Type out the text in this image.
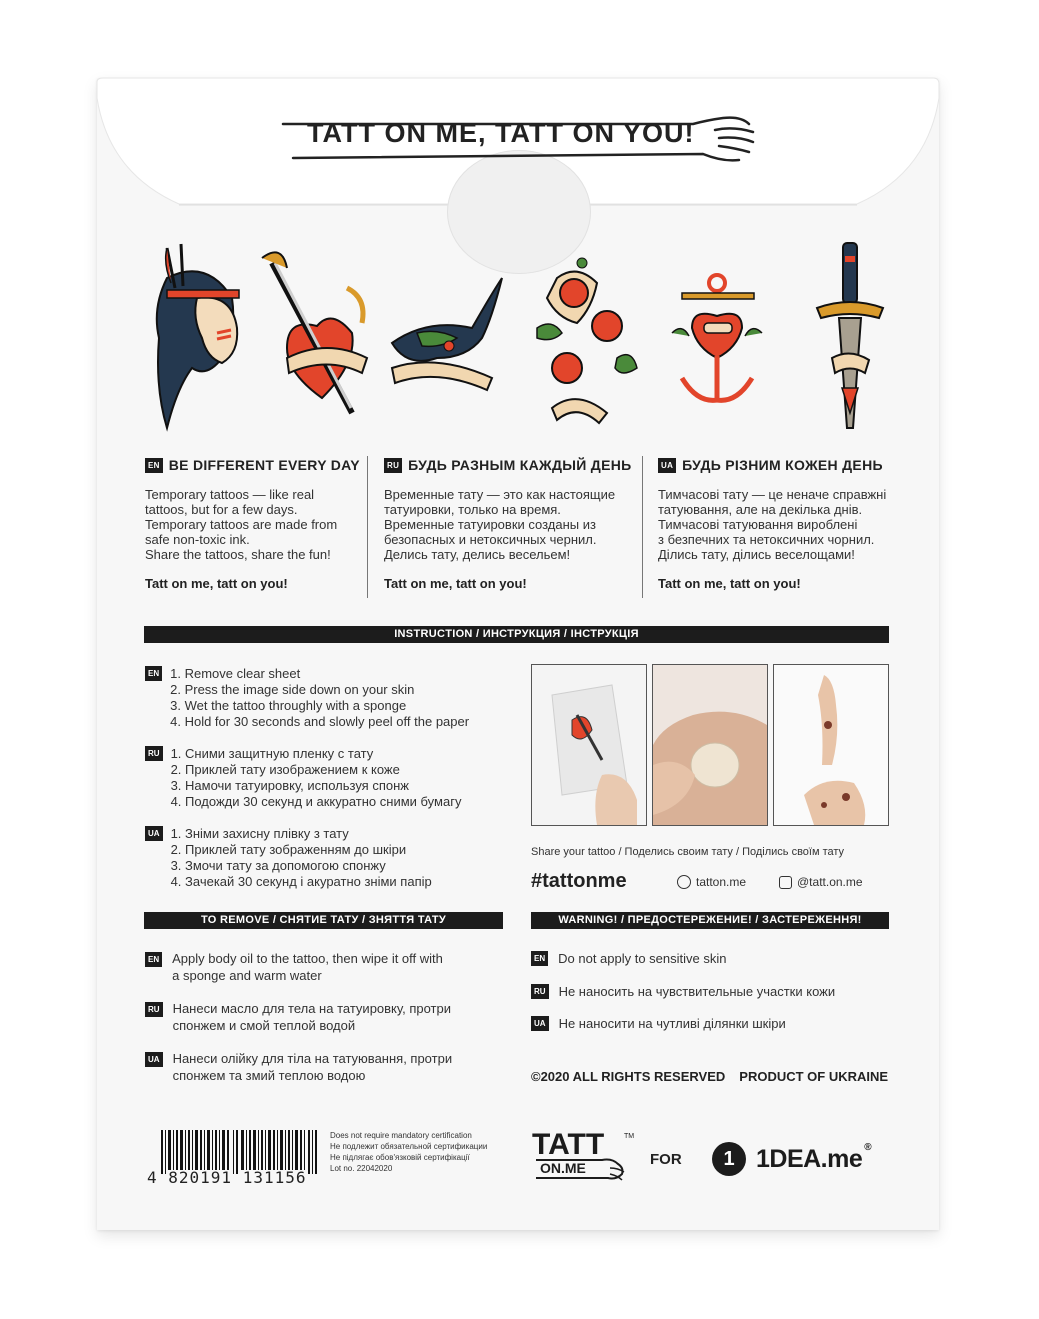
TATT ON ME, TATT ON YOU!
EN BE DIFFERENT EVERY DAY
Temporary tattoos — like real
tattoos, but for a few days.
Temporary tattoos are made from
safe non-toxic ink.
Share the tattoos, share the fun!
Tatt on me, tatt on you!
RU БУДЬ РАЗНЫМ КАЖДЫЙ ДЕНЬ
Временные тату — это как настоящие
татуировки, только на время.
Временные татуировки созданы из
безопасных и нетоксичных чернил.
Делись тату, делись весельем!
Tatt on me, tatt on you!
UA БУДЬ РІЗНИМ КОЖЕН ДЕНЬ
Тимчасові тату — це неначе справжні
татуювання, але на декілька днів.
Тимчасові татуювання вироблені
з безпечних та нетоксичних чорнил.
Ділись тату, ділись веселощами!
Tatt on me, tatt on you!
INSTRUCTION / ИНСТРУКЦИЯ / ІНСТРУКЦІЯ
EN 1. Remove clear sheet
2. Press the image side down on your skin
3. Wet the tattoo throughly with a sponge
4. Hold for 30 seconds and slowly peel off the paper
RU 1. Сними защитную пленку с тату
2. Приклей тату изображением к коже
3. Намочи татуировку, используя спонж
4. Подожди 30 секунд и аккуратно сними бумагу
UA 1. Зніми захисну плівку з тату
2. Приклей тату зображенням до шкіри
3. Змочи тату за допомогою спонжу
4. Зачекай 30 секунд і акуратно зніми папір
Share your tattoo / Поделись своим тату / Поділись своїм тату
#tattonme	tatton.me	@tatt.on.me
TO REMOVE / СНЯТИЕ ТАТУ / ЗНЯТТЯ ТАТУ	WARNING! / ПРЕДОСТЕРЕЖЕНИЕ! / ЗАСТЕРЕЖЕННЯ!
EN Apply body oil to the tattoo, then wipe it off with
a sponge and warm water
RU Нанеси масло для тела на татуировку, протри
спонжем и смой теплой водой
UA Нанеси олійку для тіла на татуювання, протри
спонжем та змий теплою водою
EN Do not apply to sensitive skin
RU Не наносить на чувствительные участки кожи
UA Не наносити на чутливі ділянки шкіри
©2020 ALL RIGHTS RESERVED PRODUCT OF UKRAINE
4 820191 131156
Does not require mandatory certification
Не подлежит обязательной сертификации
Не підлягає обов'язковій сертифікації
Lot no. 22042020
TATT	TM
ON.ME	FOR	1 1DEA.me ®
